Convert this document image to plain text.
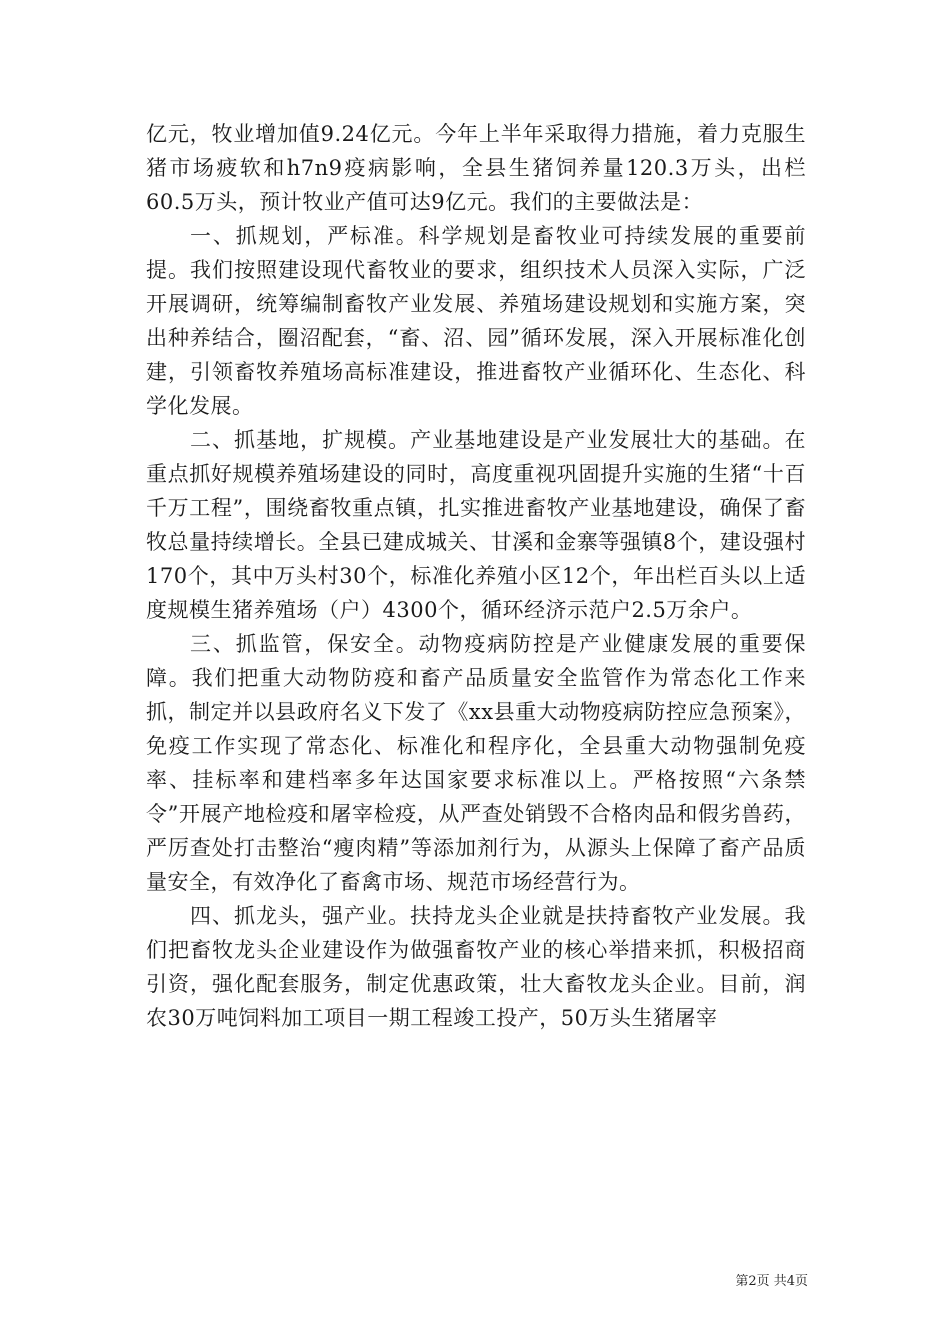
亿元，牧业增加值9.24亿元。今年上半年采取得力措施，着力克服生猪市场疲软和h7n9疫病影响，全县生猪饲养量120.3万头，出栏60.5万头，预计牧业产值可达9亿元。我们的主要做法是：

一、抓规划，严标准。科学规划是畜牧业可持续发展的重要前提。我们按照建设现代畜牧业的要求，组织技术人员深入实际，广泛开展调研，统筹编制畜牧产业发展、养殖场建设规划和实施方案，突出种养结合，圈沼配套，“畜、沼、园”循环发展，深入开展标准化创建，引领畜牧养殖场高标准建设，推进畜牧产业循环化、生态化、科学化发展。

二、抓基地，扩规模。产业基地建设是产业发展壮大的基础。在重点抓好规模养殖场建设的同时，高度重视巩固提升实施的生猪“十百千万工程”，围绕畜牧重点镇，扎实推进畜牧产业基地建设，确保了畜牧总量持续增长。全县已建成城关、甘溪和金寨等强镇8个，建设强村170个，其中万头村30个，标准化养殖小区12个，年出栏百头以上适度规模生猪养殖场（户）4300个，循环经济示范户2.5万余户。

三、抓监管，保安全。动物疫病防控是产业健康发展的重要保障。我们把重大动物防疫和畜产品质量安全监管作为常态化工作来抓，制定并以县政府名义下发了《xx县重大动物疫病防控应急预案》，免疫工作实现了常态化、标准化和程序化，全县重大动物强制免疫率、挂标率和建档率多年达国家要求标准以上。严格按照“六条禁令”开展产地检疫和屠宰检疫，从严查处销毁不合格肉品和假劣兽药，严厉查处打击整治“瘦肉精”等添加剂行为，从源头上保障了畜产品质量安全，有效净化了畜禽市场、规范市场经营行为。

四、抓龙头，强产业。扶持龙头企业就是扶持畜牧产业发展。我们把畜牧龙头企业建设作为做强畜牧产业的核心举措来抓，积极招商引资，强化配套服务，制定优惠政策，壮大畜牧龙头企业。目前，润农30万吨饲料加工项目一期工程竣工投产，50万头生猪屠宰

第2页 共4页
